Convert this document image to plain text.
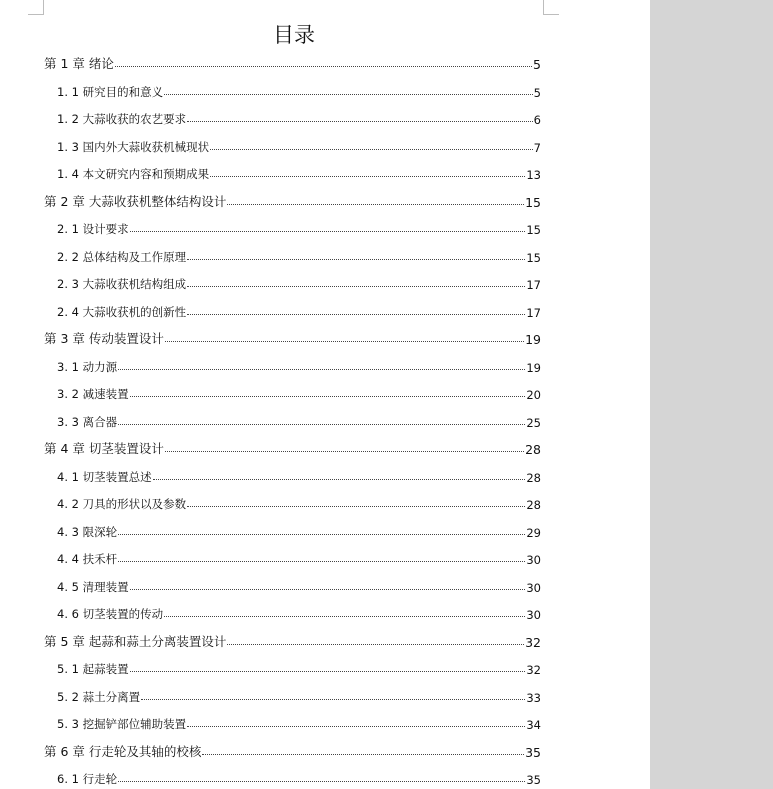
目录
第 1 章 绪论	5
1. 1 研究目的和意义	5
1. 2 大蒜收获的农艺要求	6
1. 3 国内外大蒜收获机械现状	7
1. 4 本文研究内容和预期成果	13
第 2 章 大蒜收获机整体结构设计	15
2. 1 设计要求	15
2. 2 总体结构及工作原理	15
2. 3 大蒜收获机结构组成	17
2. 4 大蒜收获机的创新性	17
第 3 章 传动装置设计	19
3. 1 动力源	19
3. 2 减速装置	20
3. 3 离合器	25
第 4 章 切茎装置设计	28
4. 1 切茎装置总述	28
4. 2 刀具的形状以及参数	28
4. 3 限深轮	29
4. 4 扶禾杆	30
4. 5 清理装置	30
4. 6 切茎装置的传动	30
第 5 章 起蒜和蒜土分离装置设计	32
5. 1 起蒜装置	32
5. 2 蒜土分离置	33
5. 3 挖掘铲部位辅助装置	34
第 6 章 行走轮及其轴的校核	35
6. 1 行走轮	35
